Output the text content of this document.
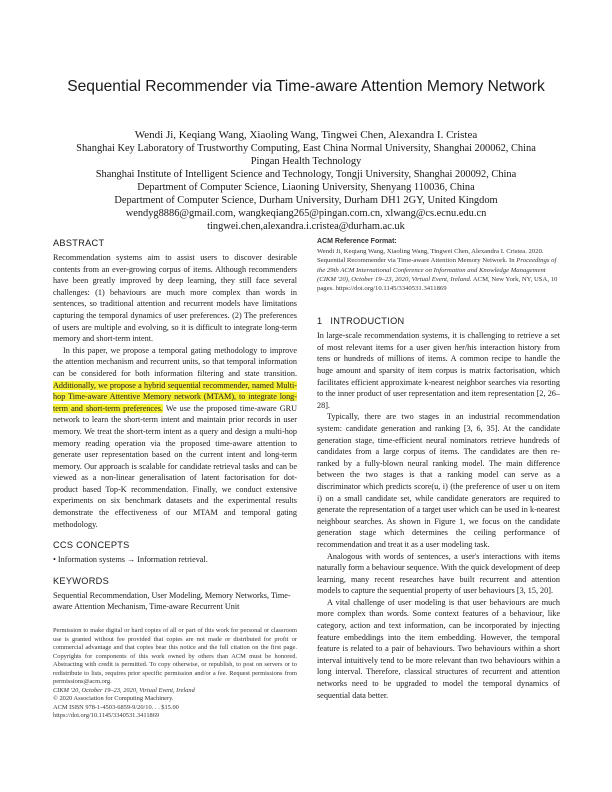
Sequential Recommender via Time-aware Attention Memory Network
Wendi Ji, Keqiang Wang, Xiaoling Wang, Tingwei Chen, Alexandra I. Cristea
Shanghai Key Laboratory of Trustworthy Computing, East China Normal University, Shanghai 200062, China
Pingan Health Technology
Shanghai Institute of Intelligent Science and Technology, Tongji University, Shanghai 200092, China
Department of Computer Science, Liaoning University, Shenyang 110036, China
Department of Computer Science, Durham University, Durham DH1 2GY, United Kingdom
wendyg8886@gmail.com, wangkeqiang265@pingan.com.cn, xlwang@cs.ecnu.edu.cn
tingwei.chen,alexandra.i.cristea@durham.ac.uk
ABSTRACT

Recommendation systems aim to assist users to discover desirable contents from an ever-growing corpus of items. Although recommenders have been greatly improved by deep learning, they still face several challenges: (1) behaviours are much more complex than words in sentences, so traditional attention and recurrent models have limitations capturing the temporal dynamics of user preferences. (2) The preferences of users are multiple and evolving, so it is difficult to integrate long-term memory and short-term intent.

In this paper, we propose a temporal gating methodology to improve the attention mechanism and recurrent units, so that temporal information can be considered for both information filtering and state transition. Additionally, we propose a hybrid sequential recommender, named Multi-hop Time-aware Attentive Memory network (MTAM), to integrate long-term and short-term preferences. We use the proposed time-aware GRU network to learn the short-term intent and maintain prior records in user memory. We treat the short-term intent as a query and design a multi-hop memory reading operation via the proposed time-aware attention to generate user representation based on the current intent and long-term memory. Our approach is scalable for candidate retrieval tasks and can be viewed as a non-linear generalisation of latent factorisation for dot-product based Top-K recommendation. Finally, we conduct extensive experiments on six benchmark datasets and the experimental results demonstrate the effectiveness of our MTAM and temporal gating methodology.

CCS CONCEPTS

• Information systems → Information retrieval.

KEYWORDS

Sequential Recommendation, User Modeling, Memory Networks, Time-aware Attention Mechanism, Time-aware Recurrent Unit

Permission to make digital or hard copies of all or part of this work for personal or classroom use is granted without fee provided that copies are not made or distributed for profit or commercial advantage and that copies bear this notice and the full citation on the first page. Copyrights for components of this work owned by others than ACM must be honored. Abstracting with credit is permitted. To copy otherwise, or republish, to post on servers or to redistribute to lists, requires prior specific permission and/or a fee. Request permissions from permissions@acm.org.

CIKM '20, October 19–23, 2020, Virtual Event, Ireland

© 2020 Association for Computing Machinery.

ACM ISBN 978-1-4503-6859-9/20/10. . . $15.00

https://doi.org/10.1145/3340531.3411869

ACM Reference Format:

Wendi Ji, Keqiang Wang, Xiaoling Wang, Tingwei Chen, Alexandra I. Cristea. 2020. Sequential Recommender via Time-aware Attention Memory Network. In Proceedings of the 29th ACM International Conference on Information and Knowledge Management (CIKM '20), October 19–23, 2020, Virtual Event, Ireland. ACM, New York, NY, USA, 10 pages. https://doi.org/10.1145/3340531.3411869

1 INTRODUCTION

In large-scale recommendation systems, it is challenging to retrieve a set of most relevant items for a user given her/his interaction history from tens or hundreds of millions of items. A common recipe to handle the huge amount and sparsity of item corpus is matrix factorisation, which facilitates efficient approximate k-nearest neighbor searches via resorting to the inner product of user representation and item representation [2, 26–28].

Typically, there are two stages in an industrial recommendation system: candidate generation and ranking [3, 6, 35]. At the candidate generation stage, time-efficient neural nominators retrieve hundreds of candidates from a large corpus of items. The candidates are then re-ranked by a fully-blown neural ranking model. The main difference between the two stages is that a ranking model can serve as a discriminator which predicts score(u, i) (the preference of user u on item i) on a small candidate set, while candidate generators are required to generate the representation of a target user which can be used in k-nearest neighbour searches. As shown in Figure 1, we focus on the candidate generation stage which determines the ceiling performance of recommendation and treat it as a user modeling task.

Analogous with words of sentences, a user's interactions with items naturally form a behaviour sequence. With the quick development of deep learning, many recent researches have built recurrent and attention models to capture the sequential property of user behaviours [3, 15, 20].

A vital challenge of user modeling is that user behaviours are much more complex than words. Some context features of a behaviour, like category, action and text information, can be incorporated by injecting feature embeddings into the item embedding. However, the temporal feature is related to a pair of behaviours. Two behaviours within a short interval intuitively tend to be more relevant than two behaviours within a long interval. Therefore, classical structures of recurrent and attention networks need to be upgraded to model the temporal dynamics of sequential data better.
